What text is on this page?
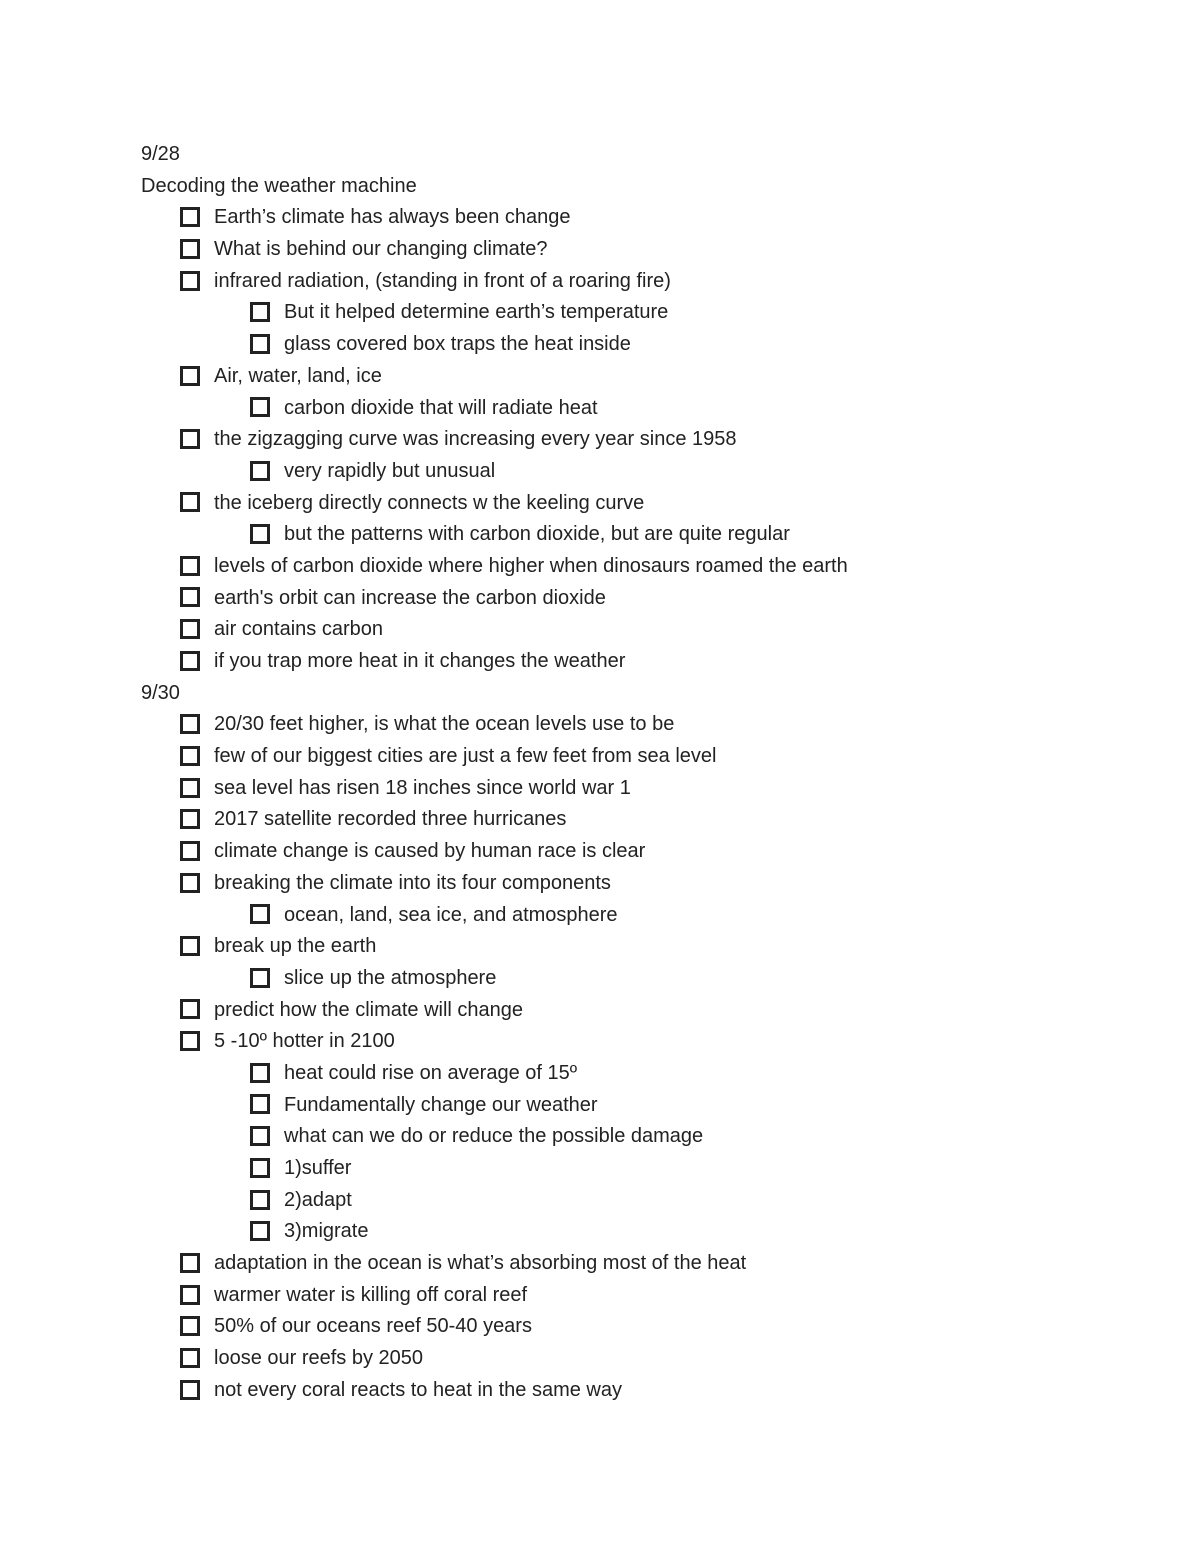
9/28
Decoding the weather machine
Earth’s climate has always been change
What is behind our changing climate?
infrared radiation, (standing in front of a roaring fire)
But it helped determine earth’s temperature
glass covered box traps the heat inside
Air, water, land, ice
carbon dioxide that will radiate heat
the zigzagging curve was increasing every year since 1958
very rapidly but unusual
the iceberg directly connects w the keeling curve
but the patterns with carbon dioxide, but are quite regular
levels of carbon dioxide where higher when dinosaurs roamed the earth
earth's orbit can increase the carbon dioxide
air contains carbon
if you trap more heat in it changes the weather
9/30
20/30 feet higher, is what the ocean levels use to be
few of our biggest cities are just a few feet from sea level
sea level has risen 18 inches since world war 1
2017 satellite recorded three hurricanes
climate change is caused by human race is clear
breaking the climate into its four components
ocean, land, sea ice, and atmosphere
break up the earth
slice up the atmosphere
predict how the climate will change
5 -10º hotter in 2100
heat could rise on average of 15º
Fundamentally change our weather
what can we do or reduce the possible damage
1)suffer
2)adapt
3)migrate
adaptation in the ocean is what’s absorbing most of the heat
warmer water is killing off coral reef
50% of our oceans reef 50-40 years
loose our reefs by 2050
not every coral reacts to heat in the same way
